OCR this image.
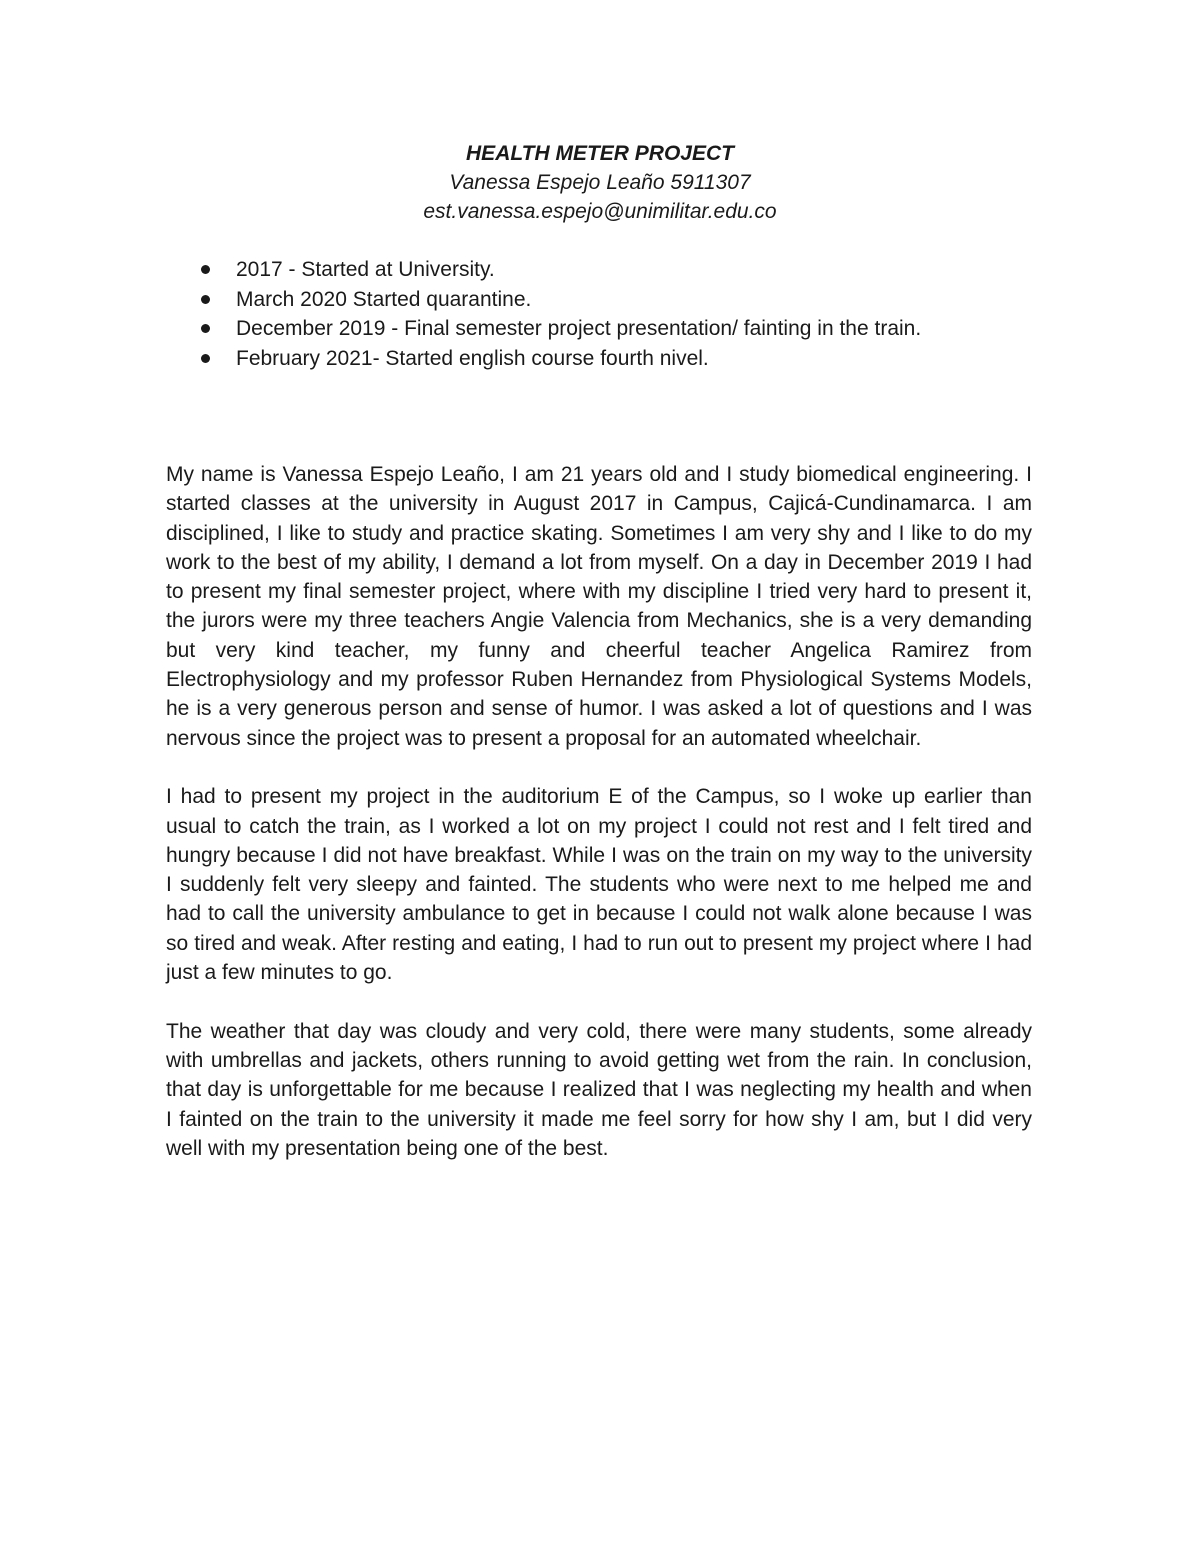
HEALTH METER PROJECT
Vanessa Espejo Leaño 5911307
est.vanessa.espejo@unimilitar.edu.co
2017 - Started at University.
March 2020 Started quarantine.
December 2019 - Final semester project presentation/ fainting in the train.
February 2021- Started english course fourth nivel.

My name is Vanessa Espejo Leaño, I am 21 years old and I study biomedical engineering. I started classes at the university in August 2017 in Campus, Cajicá-Cundinamarca. I am disciplined, I like to study and practice skating. Sometimes I am very shy and I like to do my work to the best of my ability, I demand a lot from myself. On a day in December 2019 I had to present my final semester project, where with my discipline I tried very hard to present it, the jurors were my three teachers Angie Valencia from Mechanics, she is a very demanding but very kind teacher, my funny and cheerful teacher Angelica Ramirez from Electrophysiology and my professor Ruben Hernandez from Physiological Systems Models, he is a very generous person and sense of humor. I was asked a lot of questions and I was nervous since the project was to present a proposal for an automated wheelchair.

I had to present my project in the auditorium E of the Campus, so I woke up earlier than usual to catch the train, as I worked a lot on my project I could not rest and I felt tired and hungry because I did not have breakfast. While I was on the train on my way to the university I suddenly felt very sleepy and fainted. The students who were next to me helped me and had to call the university ambulance to get in because I could not walk alone because I was so tired and weak. After resting and eating, I had to run out to present my project where I had just a few minutes to go.

The weather that day was cloudy and very cold, there were many students, some already with umbrellas and jackets, others running to avoid getting wet from the rain. In conclusion, that day is unforgettable for me because I realized that I was neglecting my health and when I fainted on the train to the university it made me feel sorry for how shy I am, but I did very well with my presentation being one of the best.
